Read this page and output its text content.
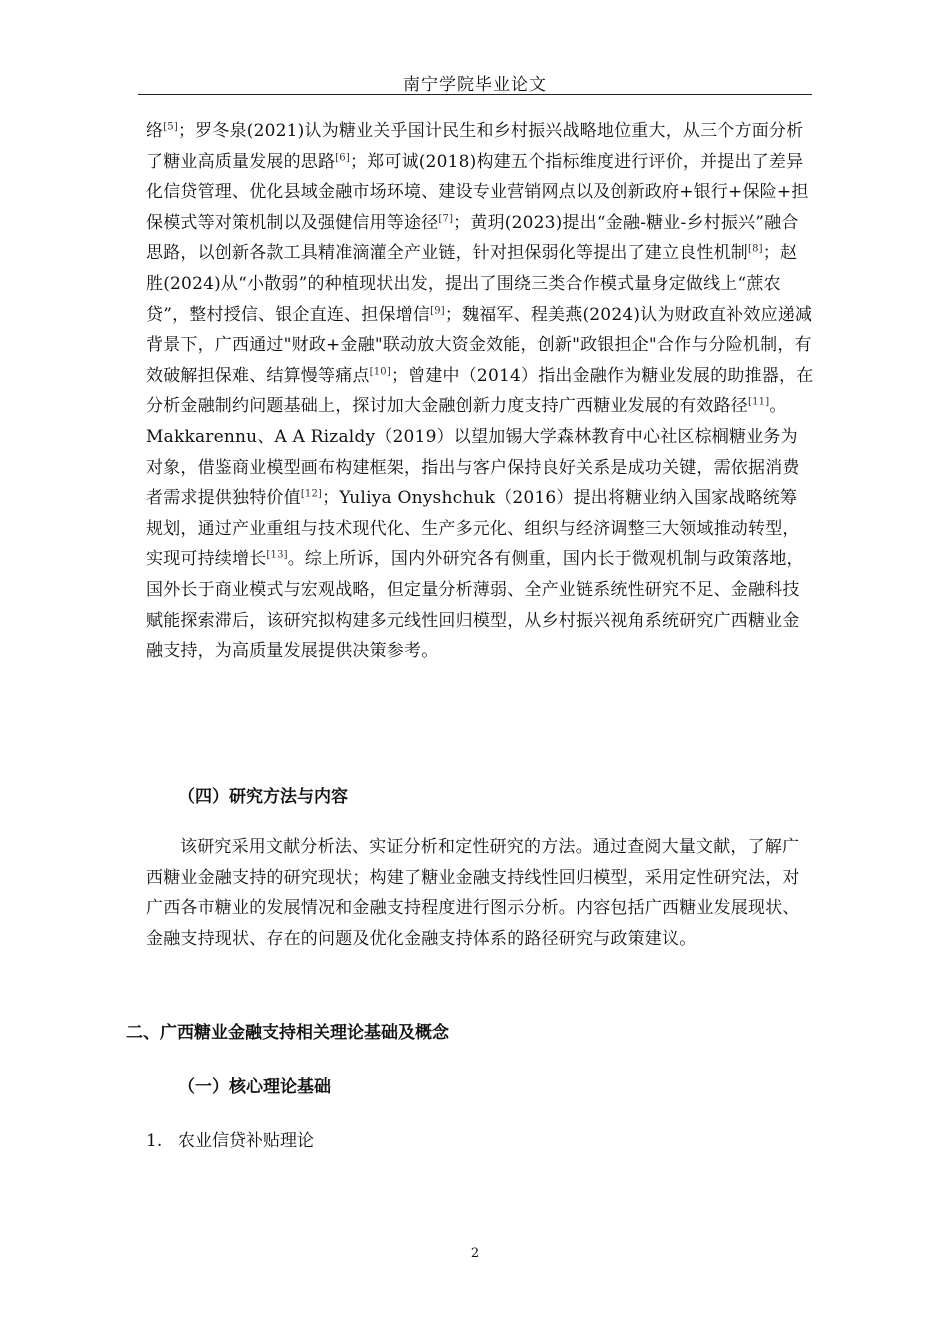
南宁学院毕业论文

络[5]；罗冬泉(2021)认为糖业关乎国计民生和乡村振兴战略地位重大，从三个方面分析了糖业高质量发展的思路[6]；郑可诚(2018)构建五个指标维度进行评价，并提出了差异化信贷管理、优化县域金融市场环境、建设专业营销网点以及创新政府+银行+保险+担保模式等对策机制以及强健信用等途径[7]；黄玥(2023)提出“金融-糖业-乡村振兴”融合思路，以创新各款工具精准滴灌全产业链，针对担保弱化等提出了建立良性机制[8]；赵胜(2024)从“小散弱”的种植现状出发，提出了围绕三类合作模式量身定做线上“蔗农贷”，整村授信、银企直连、担保增信[9]；魏福军、程美燕(2024)认为财政直补效应递减背景下，广西通过"财政+金融"联动放大资金效能，创新"政银担企"合作与分险机制，有效破解担保难、结算慢等痛点[10]；曾建中（2014）指出金融作为糖业发展的助推器，在分析金融制约问题基础上，探讨加大金融创新力度支持广西糖业发展的有效路径[11]。Makkarennu、A A Rizaldy（2019）以望加锡大学森林教育中心社区棕榈糖业务为对象，借鉴商业模型画布构建框架，指出与客户保持良好关系是成功关键，需依据消费者需求提供独特价值[12]；Yuliya Onyshchuk（2016）提出将糖业纳入国家战略统筹规划，通过产业重组与技术现代化、生产多元化、组织与经济调整三大领域推动转型，实现可持续增长[13]。综上所诉，国内外研究各有侧重，国内长于微观机制与政策落地，国外长于商业模式与宏观战略，但定量分析薄弱、全产业链系统性研究不足、金融科技赋能探索滞后，该研究拟构建多元线性回归模型，从乡村振兴视角系统研究广西糖业金融支持，为高质量发展提供决策参考。

（四）研究方法与内容

该研究采用文献分析法、实证分析和定性研究的方法。通过查阅大量文献，了解广西糖业金融支持的研究现状；构建了糖业金融支持线性回归模型，采用定性研究法，对广西各市糖业的发展情况和金融支持程度进行图示分析。内容包括广西糖业发展现状、金融支持现状、存在的问题及优化金融支持体系的路径研究与政策建议。

二、广西糖业金融支持相关理论基础及概念
（一）核心理论基础
1. 农业信贷补贴理论
2
